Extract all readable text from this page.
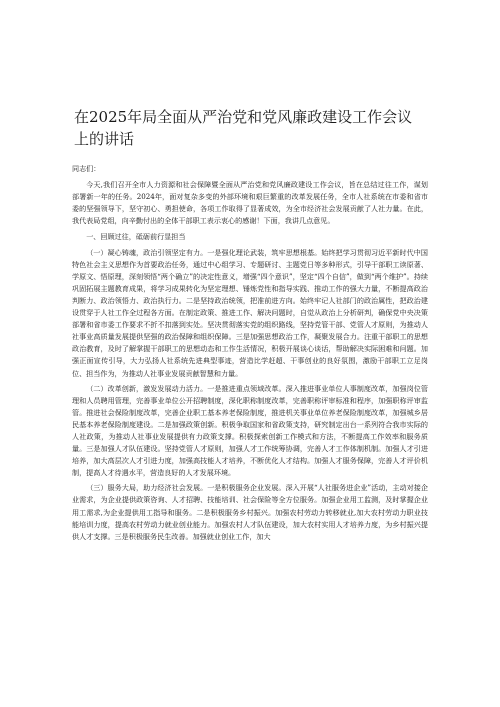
在2025年局全面从严治党和党风廉政建设工作会议上的讲话
同志们：

今天,我们召开全市人力资源和社会保障暨全面从严治党和党风廉政建设工作会议，旨在总结过往工作，谋划部署新一年的任务。2024年，面对复杂多变的外部环境和艰巨繁重的改革发展任务，全市人社系统在市委和省市委的坚强领导下，坚守初心、勇担使命，各项工作取得了显著成效，为全市经济社会发展贡献了人社力量。在此，我代表局党组，向辛勤付出的全体干部职工表示衷心的感谢！下面，我讲几点意见。

一、回顾过往，砥砺前行显担当

（一）凝心铸魂，政治引领坚定有力。一是强化理论武装，筑牢思想根基。始终把学习贯彻习近平新时代中国特色社会主义思想作为首要政治任务，通过中心组学习、专题研讨、主题党日等多种形式，引导干部职工读原著、学原文、悟原理，深刻领悟“两个确立”的决定性意义，增强“四个意识”，坚定“四个自信”，做到“两个维护”。持续巩固拓展主题教育成果，将学习成果转化为坚定理想、锤炼党性和指导实践、推动工作的强大力量，不断提高政治判断力、政治领悟力、政治执行力。二是坚持政治统领，把准前进方向。始终牢记人社部门的政治属性，把政治建设贯穿于人社工作全过程各方面。在制定政策、推进工作、解决问题时，自觉从政治上分析研判，确保党中央决策部署和省市委工作要求不折不扣落到实处。坚决贯彻落实党的组织路线，坚持党管干部、党管人才原则，为推动人社事业高质量发展提供坚强的政治保障和组织保障。三是加强思想政治工作，凝聚发展合力。注重干部职工的思想政治教育，及时了解掌握干部职工的思想动态和工作生活情况，积极开展谈心谈话，帮助解决实际困难和问题。加强正面宣传引导，大力弘扬人社系统先进典型事迹，营造比学赶超、干事创业的良好氛围，激励干部职工立足岗位、担当作为，为推动人社事业发展贡献智慧和力量。

（二）改革创新，激发发展动力活力。一是推进重点领域改革。深入推进事业单位人事制度改革，加强岗位管理和人员聘用管理，完善事业单位公开招聘制度，深化职称制度改革，完善职称评审标准和程序，加强职称评审监管。推进社会保险制度改革，完善企业职工基本养老保险制度，推进机关事业单位养老保险制度改革，加强城乡居民基本养老保险制度建设。二是加强政策创新。积极争取国家和省政策支持，研究制定出台一系列符合我市实际的人社政策，为推动人社事业发展提供有力政策支撑。积极探索创新工作模式和方法，不断提高工作效率和服务质量。三是加强人才队伍建设。坚持党管人才原则，加强人才工作统筹协调，完善人才工作体制机制。加强人才引进培养，加大高层次人才引进力度，加强高技能人才培养，不断优化人才结构。加强人才服务保障，完善人才评价机制，提高人才待遇水平，营造良好的人才发展环境。

（三）服务大局，助力经济社会发展。一是积极服务企业发展。深入开展“人社服务进企业”活动，主动对接企业需求，为企业提供政策咨询、人才招聘、技能培训、社会保险等全方位服务。加强企业用工监测，及时掌握企业用工需求,为企业提供用工指导和服务。二是积极服务乡村振兴。加强农村劳动力转移就业,加大农村劳动力职业技能培训力度，提高农村劳动力就业创业能力。加强农村人才队伍建设，加大农村实用人才培养力度，为乡村振兴提供人才支撑。三是积极服务民生改善。加强就业创业工作，加大
